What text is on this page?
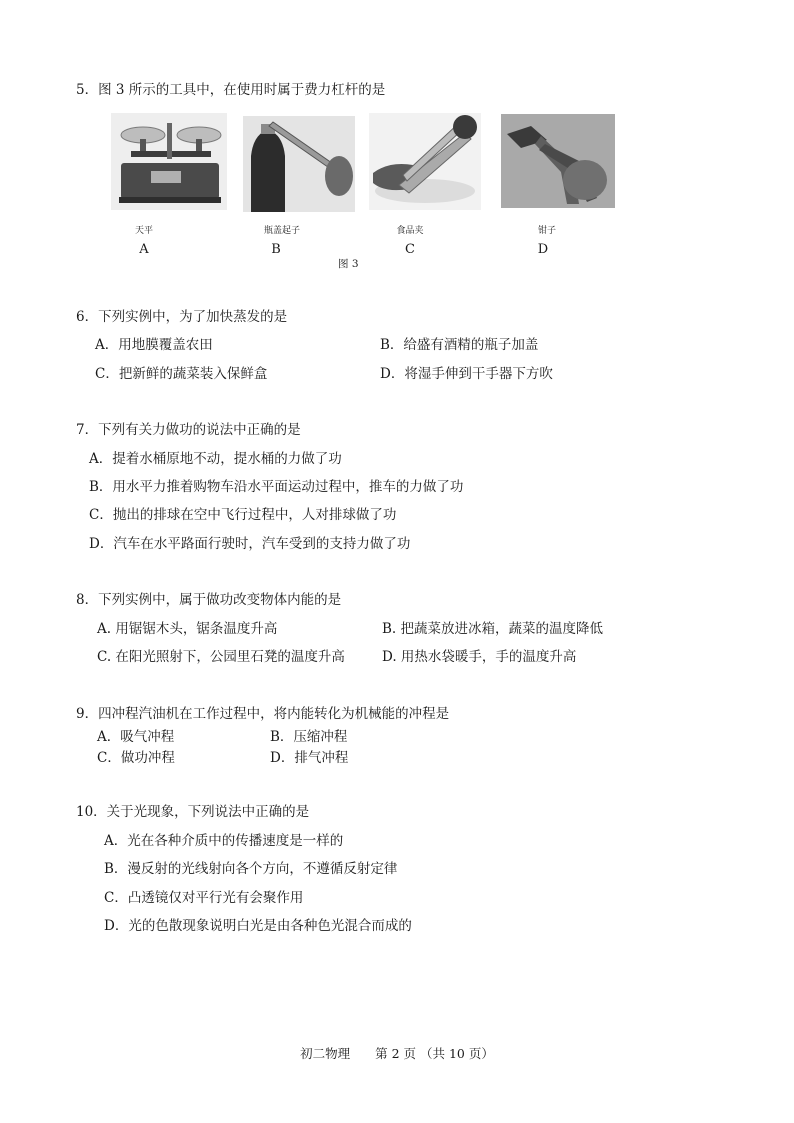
5．图 3 所示的工具中，在使用时属于费力杠杆的是
天平
A
瓶盖起子
B
食品夹
C
钳子
D
图 3
6．下列实例中，为了加快蒸发的是
A．用地膜覆盖农田	B．给盛有酒精的瓶子加盖
C．把新鲜的蔬菜装入保鲜盒	D．将湿手伸到干手器下方吹
7．下列有关力做功的说法中正确的是
A．提着水桶原地不动，提水桶的力做了功
B．用水平力推着购物车沿水平面运动过程中，推车的力做了功
C．抛出的排球在空中飞行过程中，人对排球做了功
D．汽车在水平路面行驶时，汽车受到的支持力做了功
8．下列实例中，属于做功改变物体内能的是
A. 用锯锯木头，锯条温度升高	B. 把蔬菜放进冰箱，蔬菜的温度降低
C. 在阳光照射下，公园里石凳的温度升高	D. 用热水袋暖手，手的温度升高
9．四冲程汽油机在工作过程中，将内能转化为机械能的冲程是
A．吸气冲程	B．压缩冲程
C．做功冲程	D．排气冲程
10．关于光现象，下列说法中正确的是
A．光在各种介质中的传播速度是一样的
B．漫反射的光线射向各个方向，不遵循反射定律
C．凸透镜仅对平行光有会聚作用
D．光的色散现象说明白光是由各种色光混合而成的
初二物理　　第 2 页 （共 10 页）
